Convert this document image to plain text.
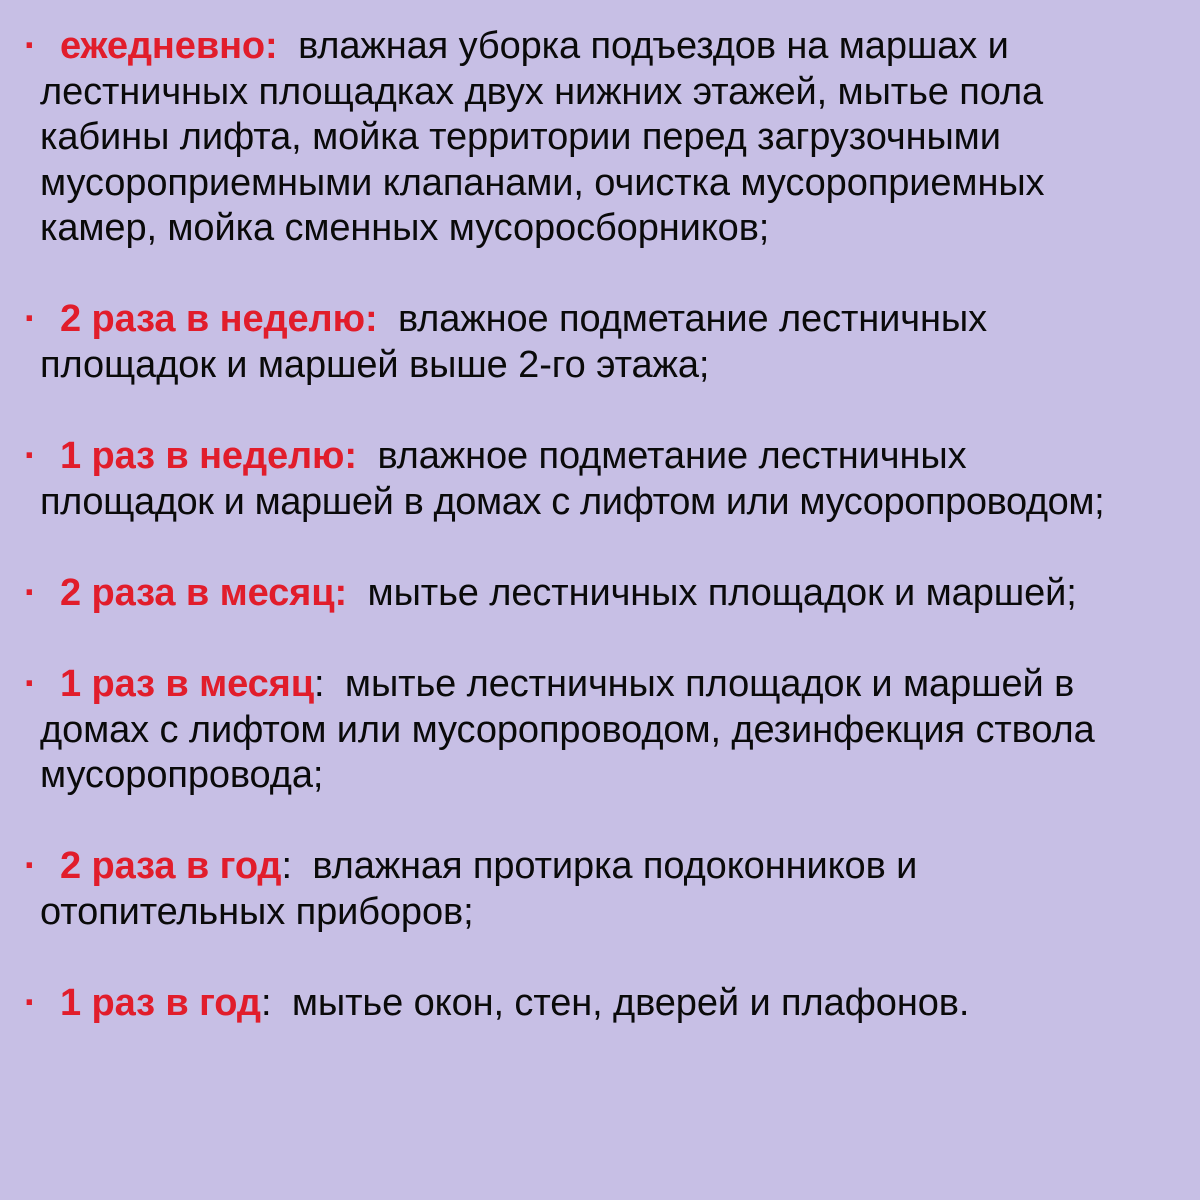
· ежедневно: влажная уборка подъездов на маршах и
лестничных площадках двух нижних этажей, мытье пола
кабины лифта, мойка территории перед загрузочными
мусороприемными клапанами, очистка мусороприемных
камер, мойка сменных мусоросборников;
· 2 раза в неделю: влажное подметание лестничных
площадок и маршей выше 2-го этажа;
· 1 раз в неделю: влажное подметание лестничных
площадок и маршей в домах с лифтом или мусоропроводом;
· 2 раза в месяц: мытье лестничных площадок и маршей;
· 1 раз в месяц: мытье лестничных площадок и маршей в
домах с лифтом или мусоропроводом, дезинфекция ствола
мусоропровода;
· 2 раза в год: влажная протирка подоконников и
отопительных приборов;
· 1 раз в год: мытье окон, стен, дверей и плафонов.
